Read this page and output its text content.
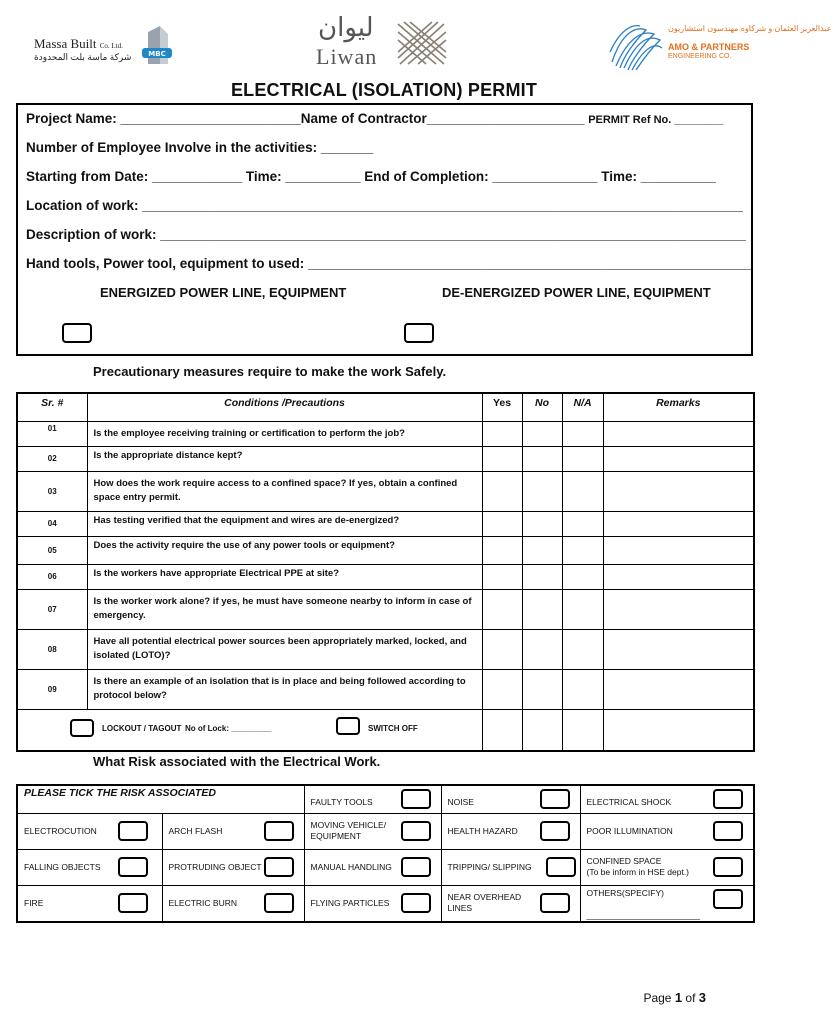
Massa Built Co. Ltd.
شركة ماسة بلت المحدودة MBC
ليوان
Liwan
عبدالعزيز العثمان و شركاوه مهندسون استشاريون
AMO & PARTNERS
ENGINEERING CO.
ELECTRICAL (ISOLATION) PERMIT
Project Name: ________________________Name of Contractor_____________________ PERMIT Ref No. ________
Number of Employee Involve in the activities: _______
Starting from Date: ____________ Time: __________ End of Completion: ______________ Time: __________
Location of work: ________________________________________________________________________________
Description of work: ______________________________________________________________________________
Hand tools, Power tool, equipment to used: ___________________________________________________________
ENERGIZED POWER LINE, EQUIPMENT	DE-ENERGIZED POWER LINE, EQUIPMENT
Precautionary measures require to make the work Safely.
Sr. #	Conditions /Precautions	Yes	No	N/A	Remarks
01	Is the employee receiving training or certification to perform the job?				
02	Is the appropriate distance kept?				
03	How does the work require access to a confined space? If yes, obtain a confined space entry permit.				
04	Has testing verified that the equipment and wires are de-energized?				
05	Does the activity require the use of any power tools or equipment?				
06	Is the workers have appropriate Electrical PPE at site?				
07	Is the worker work alone? if yes, he must have someone nearby to inform in case of emergency.				
08	Have all potential electrical power sources been appropriately marked, locked, and isolated (LOTO)?				
09	Is there an example of an isolation that is in place and being followed according to protocol below?				

LOCKOUT / TAGOUT No of Lock: _________ SWITCH OFF					

What Risk associated with the Electrical Work.
PLEASE TICK THE RISK ASSOCIATED		FAULTY TOOLS	NOISE	ELECTRICAL SHOCK

ELECTROCUTION	ARCH FLASH	MOVING VEHICLE/ EQUIPMENT	HEALTH HAZARD	POOR ILLUMINATION

FALLING OBJECTS	PROTRUDING OBJECT	MANUAL HANDLING	TRIPPING/ SLIPPING	CONFINED SPACE
(To be inform in HSE dept.)

FIRE	ELECTRIC BURN	FLYING PARTICLES	NEAR OVERHEAD LINES	OTHERS(SPECIFY)

________________________
Page 1 of 3
